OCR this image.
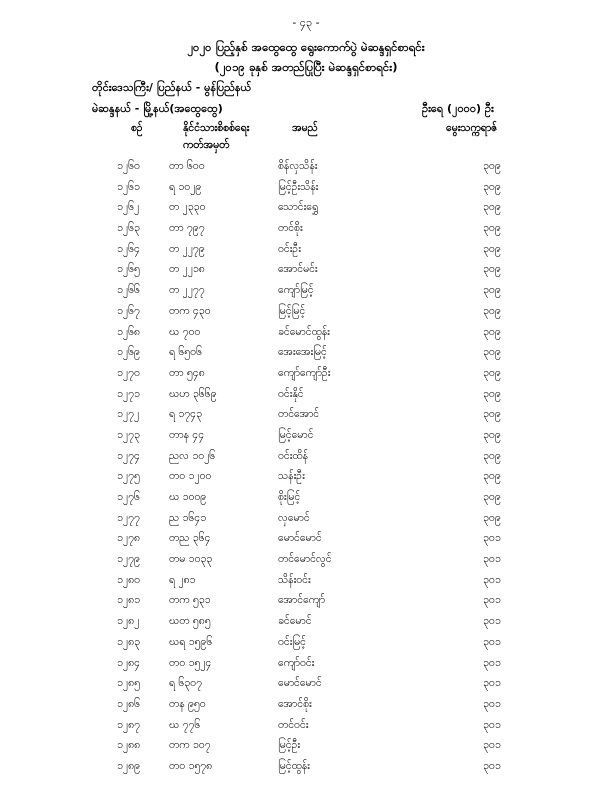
- ၄၃ -
၂၀၂၀ ပြည့်နှစ် အထွေထွေ ရွေးကောက်ပွဲ မဲဆန္ဒရှင်စာရင်း
(၂၀၁၉ ခုနှစ် အတည်ပြုပြီး မဲဆန္ဒရှင်စာရင်း)
တိုင်းဒေသကြီး/ ပြည်နယ် - မွန်ပြည်နယ်
မဲဆန္ဒနယ် - မြို့နယ်(အထွေထွေ)	ဦးရေ (၂၀၀၀) ဦး
စဉ်	နိုင်ငံသားစိစစ်ရေး
ကတ်အမှတ်
အမည်	မွေးသက္ကရာဇ်
၁၂၆၀	တာ ၆၀၀	စိန်လှသိန်း	၃၀၉
၁၂၆၁	ရ ၁၀၂၉	မြင့်ဦးသိန်း	၃၀၉
၁၂၆၂	တ ၂၃၃၀	သောင်းရွှေ	၃၀၉
၁၂၆၃	တာ ၇၉၇	တင်စိုး	၃၀၉
၁၂၆၄	တ ၂၂၇၉	ဝင်းဦး	၃၀၉
၁၂၆၅	တ ၂၂၁၈	အောင်မင်း	၃၀၉
၁၂၆၆	တ ၂၂၇၇	ကျော်မြင့်	၃၀၉
၁၂၆၇	တက ၄၃၀	မြင့်မြင့်	၃၀၉
၁၂၆၈	ဃ ၇၀၀	ခင်မောင်ထွန်း	၃၀၉
၁၂၆၉	ရ ၆၅၀၆	အေးအေးမြင့်	၃၀၉
၁၂၇၀	တာ ၅၄၈	ကျော်ကျော်ဦး	၃၀၉
၁၂၇၁	ဃဟ ၃၆၆၉	ဝင်းနိုင်	၃၀၉
၁၂၇၂	ရ ၁၇၄၃	တင်အောင်	၃၀၉
၁၂၇၃	တာန ၄၄	မြင့်မောင်	၃၀၉
၁၂၇၄	ညလ ၁၀၂၆	ဝင်းထိန်	၃၀၉
၁၂၇၅	တ၀ ၁၂၀၀	သန်းဦး	၃၀၉
၁၂၇၆	ဃ ၁၀၀၉	စိုးမြင့်	၃၀၉
၁၂၇၇	ည ၁၆၄၁	လှမောင်	၃၀၉
၁၂၇၈	တည ၃၆၄	မောင်မောင်	၃၀၁
၁၂၇၉	တမ ၁၀၃၃	တင်မောင်လွင်	၃၀၁
၁၂၈၀	ရ ၂၈၁	သိန်းဝင်း	၃၀၁
၁၂၈၁	တက ၅၃၁	အောင်ကျော်	၃၀၁
၁၂၈၂	ဃတ ၅၈၅	ခင်မောင်	၃၀၁
၁၂၈၃	ဃရ ၁၅၉၆	ဝင်းမြင့်	၃၀၁
၁၂၈၄	တ၀ ၁၅၂၄	ကျော်ဝင်း	၃၀၁
၁၂၈၅	ရ ၆၃၀၇	မောင်မောင်	၃၀၁
၁၂၈၆	တန ၉၅၀	အောင်စိုး	၃၀၁
၁၂၈၇	ဃ ၇၇၆	တင်ဝင်း	၃၀၁
၁၂၈၈	တက ၁၀၇	မြင့်ဦး	၃၀၁
၁၂၈၉	တ၀ ၁၅၇၈	မြင့်ထွန်း	၃၀၁
